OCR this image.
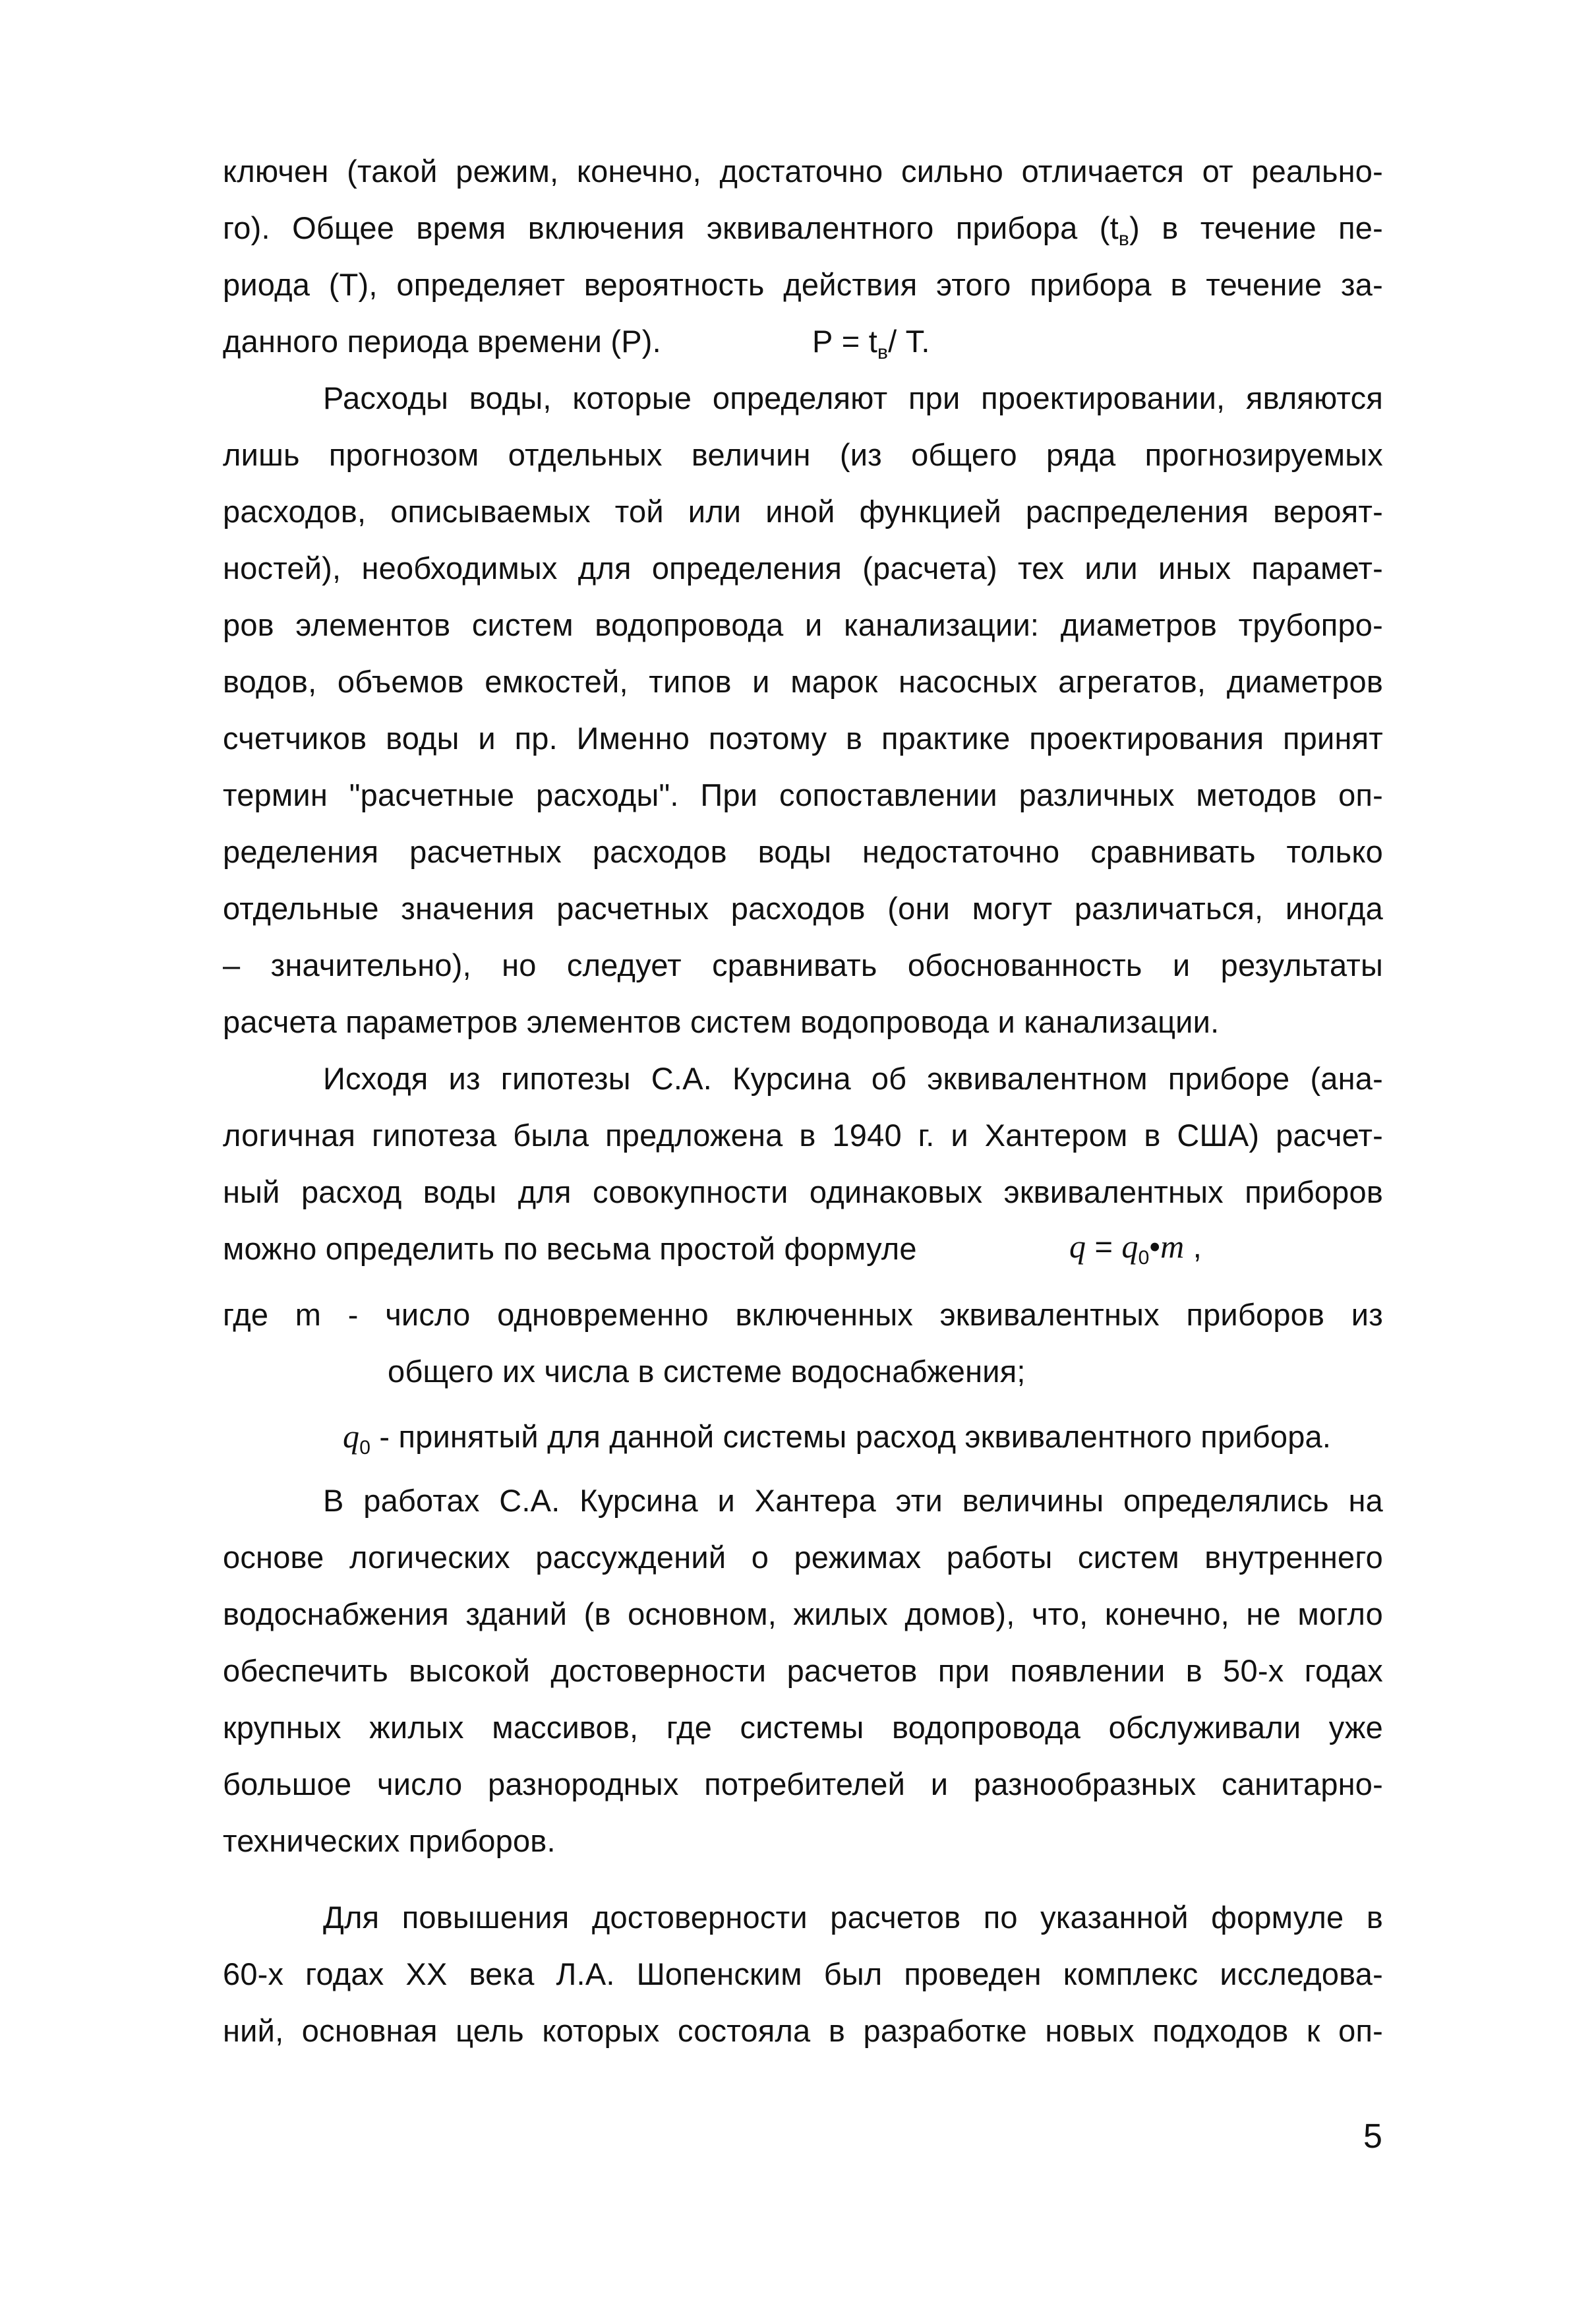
ключен (такой режим, конечно, достаточно сильно отличается от реально-
го). Общее время включения эквивалентного прибора $(t_в)$ в течение пе-
риода (Т), определяет вероятность действия этого прибора в течение за-
данного периода времени (Р).	$Р = t_в/$ Т.
Расходы воды, которые определяют при проектировании, являются
лишь прогнозом отдельных величин (из общего ряда прогнозируемых
расходов, описываемых той или иной функцией распределения вероят-
ностей), необходимых для определения (расчета) тех или иных парамет-
ров элементов систем водопровода и канализации: диаметров трубопро-
водов, объемов емкостей, типов и марок насосных агрегатов, диаметров
счетчиков воды и пр. Именно поэтому в практике проектирования принят
термин "расчетные расходы". При сопоставлении различных методов оп-
ределения расчетных расходов воды недостаточно сравнивать только
отдельные значения расчетных расходов (они могут различаться, иногда
– значительно), но следует сравнивать обоснованность и результаты
расчета параметров элементов систем водопровода и канализации.
Исходя из гипотезы С.А. Курсина об эквивалентном приборе (ана-
логичная гипотеза была предложена в 1940 г. и Хантером в США) расчет-
ный расход воды для совокупности одинаковых эквивалентных приборов
можно определить по весьма простой формуле	$q = q_0•m$ ,
где m - число одновременно включенных эквивалентных приборов из
общего их числа в системе водоснабжения;
$q_0$ - принятый для данной системы расход эквивалентного прибора.
В работах С.А. Курсина и Хантера эти величины определялись на
основе логических рассуждений о режимах работы систем внутреннего
водоснабжения зданий (в основном, жилых домов), что, конечно, не могло
обеспечить высокой достоверности расчетов при появлении в 50-х годах
крупных жилых массивов, где системы водопровода обслуживали уже
большое число разнородных потребителей и разнообразных санитарно-
технических приборов.
Для повышения достоверности расчетов по указанной формуле в
60-х годах XX века Л.А. Шопенским был проведен комплекс исследова-
ний, основная цель которых состояла в разработке новых подходов к оп-
5
